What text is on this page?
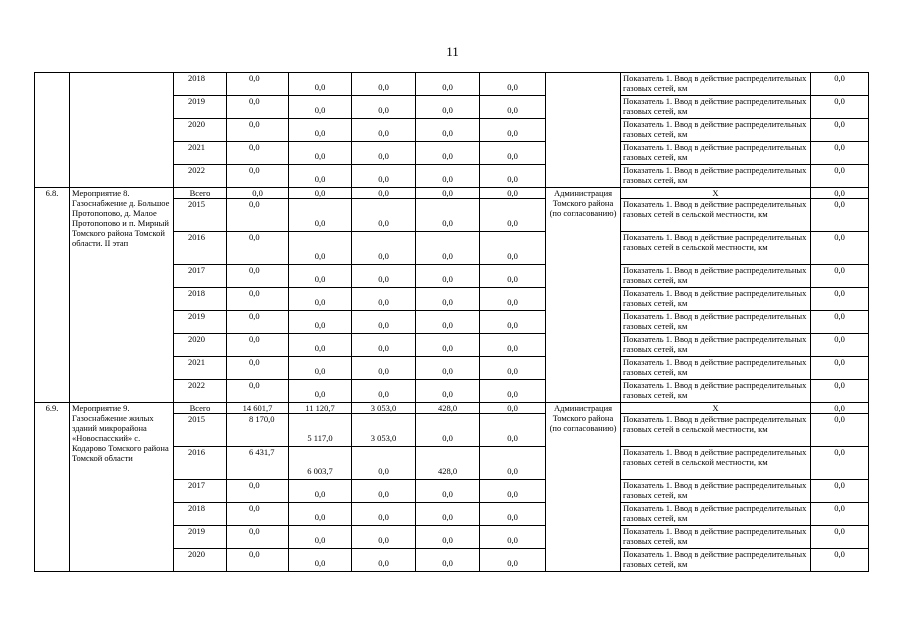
11
		2018	0,0	0,0	0,0	0,0	0,0		Показатель 1. Ввод в действие распределительных газовых сетей, км	0,0
		2019	0,0	0,0	0,0	0,0	0,0		Показатель 1. Ввод в действие распределительных газовых сетей, км	0,0
		2020	0,0	0,0	0,0	0,0	0,0		Показатель 1. Ввод в действие распределительных газовых сетей, км	0,0
		2021	0,0	0,0	0,0	0,0	0,0		Показатель 1. Ввод в действие распределительных газовых сетей, км	0,0
		2022	0,0	0,0	0,0	0,0	0,0		Показатель 1. Ввод в действие распределительных газовых сетей, км	0,0
6.8.	Мероприятие 8. Газоснабжение д. Большое Протопопово, д. Малое Протопопово и п. Мирный Томского района Томской области. II этап	Всего	0,0	0,0	0,0	0,0	0,0	Администрация Томского района (по согласованию)	Х	0,0
		2015	0,0	0,0	0,0	0,0	0,0		Показатель 1. Ввод в действие распределительных газовых сетей в сельской местности, км	0,0
		2016	0,0	0,0	0,0	0,0	0,0		Показатель 1. Ввод в действие распределительных газовых сетей в сельской местности, км	0,0
		2017	0,0	0,0	0,0	0,0	0,0		Показатель 1. Ввод в действие распределительных газовых сетей, км	0,0
		2018	0,0	0,0	0,0	0,0	0,0		Показатель 1. Ввод в действие распределительных газовых сетей, км	0,0
		2019	0,0	0,0	0,0	0,0	0,0		Показатель 1. Ввод в действие распределительных газовых сетей, км	0,0
		2020	0,0	0,0	0,0	0,0	0,0		Показатель 1. Ввод в действие распределительных газовых сетей, км	0,0
		2021	0,0	0,0	0,0	0,0	0,0		Показатель 1. Ввод в действие распределительных газовых сетей, км	0,0
		2022	0,0	0,0	0,0	0,0	0,0		Показатель 1. Ввод в действие распределительных газовых сетей, км	0,0
6.9.	Мероприятие 9. Газоснабжение жилых зданий микрорайона «Новоспасский» с. Кодарово Томского района Томской области	Всего	14 601,7	11 120,7	3 053,0	428,0	0,0	Администрация Томского района (по согласованию)	Х	0,0
		2015	8 170,0	5 117,0	3 053,0	0,0	0,0		Показатель 1. Ввод в действие распределительных газовых сетей в сельской местности, км	0,0
		2016	6 431,7	6 003,7	0,0	428,0	0,0		Показатель 1. Ввод в действие распределительных газовых сетей в сельской местности, км	0,0
		2017	0,0	0,0	0,0	0,0	0,0		Показатель 1. Ввод в действие распределительных газовых сетей, км	0,0
		2018	0,0	0,0	0,0	0,0	0,0		Показатель 1. Ввод в действие распределительных газовых сетей, км	0,0
		2019	0,0	0,0	0,0	0,0	0,0		Показатель 1. Ввод в действие распределительных газовых сетей, км	0,0
		2020	0,0	0,0	0,0	0,0	0,0		Показатель 1. Ввод в действие распределительных газовых сетей, км	0,0
